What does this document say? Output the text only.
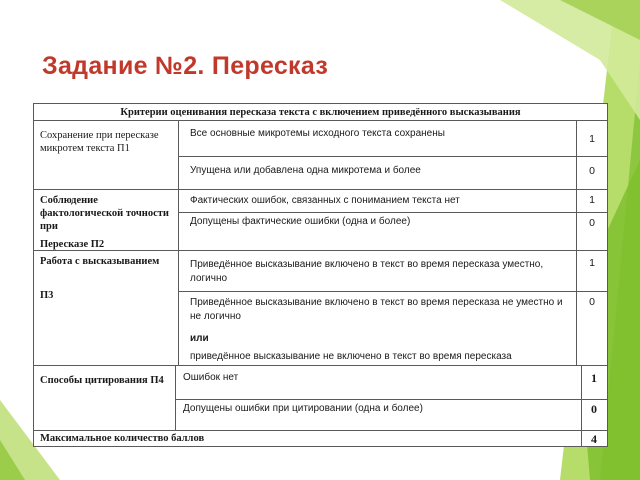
Задание №2. Пересказ
Критерии оценивания пересказа текста с включением приведённого высказывания
Сохранение при пересказе микротем текста П1
Все основные микротемы исходного текста сохранены	1
Упущена или добавлена одна микротема и более	0
Соблюдение фактологической точности при
Пересказе П2
Фактических ошибок, связанных с пониманием текста нет	1
Допущены фактические ошибки (одна и более)	0
Работа с высказыванием
П3
Приведённое высказывание включено в текст во время пересказа уместно, логично
1
Приведённое высказывание включено в текст во время пересказа не уместно и не логично
или
приведённое высказывание не включено в текст во время пересказа
0
Способы цитирования П4	Ошибок нет	1
Допущены ошибки при цитировании (одна и более)	0
Максимальное количество баллов	4
